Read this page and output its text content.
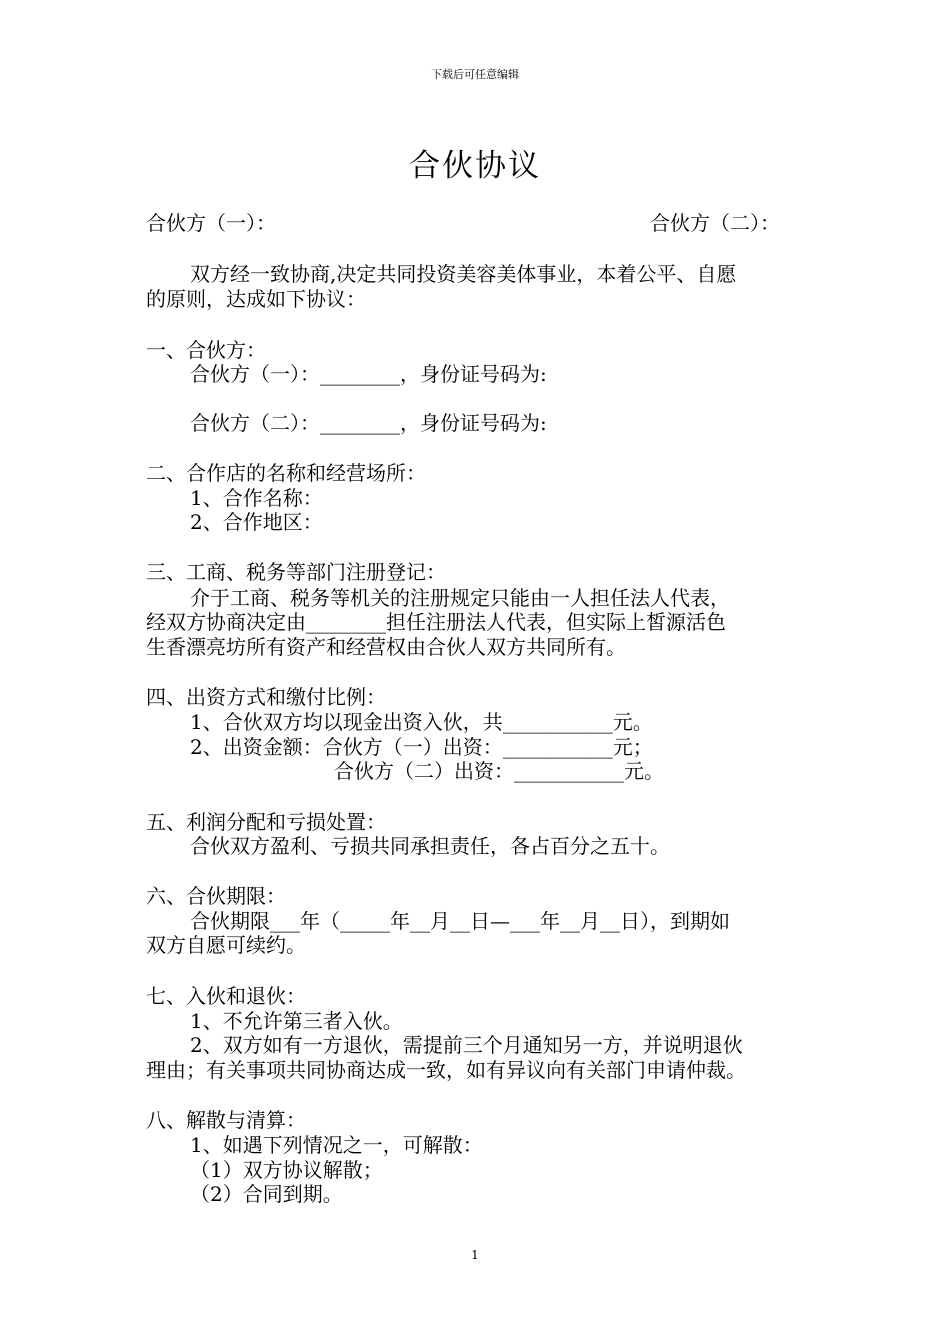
下载后可任意编辑
合伙协议
合伙方（一）：	合伙方（二）：
双方经一致协商,决定共同投资美容美体事业，本着公平、自愿
的原则，达成如下协议：
一、合伙方：
合伙方（一）：________，身份证号码为:
合伙方（二）：________，身份证号码为:
二、合作店的名称和经营场所：
1、合作名称：
2、合作地区：
三、工商、税务等部门注册登记：
介于工商、税务等机关的注册规定只能由一人担任法人代表，
经双方协商决定由________担任注册法人代表，但实际上皙源活色
生香漂亮坊所有资产和经营权由合伙人双方共同所有。
四、出资方式和缴付比例：
1、合伙双方均以现金出资入伙，共___________元。
2、出资金额：合伙方（一）出资：___________元；
合伙方（二）出资：___________元。
五、利润分配和亏损处置：
合伙双方盈利、亏损共同承担责任，各占百分之五十。
六、合伙期限：
合伙期限___年（_____年__月__日—___年__月__日），到期如
双方自愿可续约。
七、入伙和退伙：
1、不允许第三者入伙。
2、双方如有一方退伙，需提前三个月通知另一方，并说明退伙
理由；有关事项共同协商达成一致，如有异议向有关部门申请仲裁。
八、解散与清算：
1、如遇下列情况之一，可解散：
（1）双方协议解散；
（2）合同到期。
1
